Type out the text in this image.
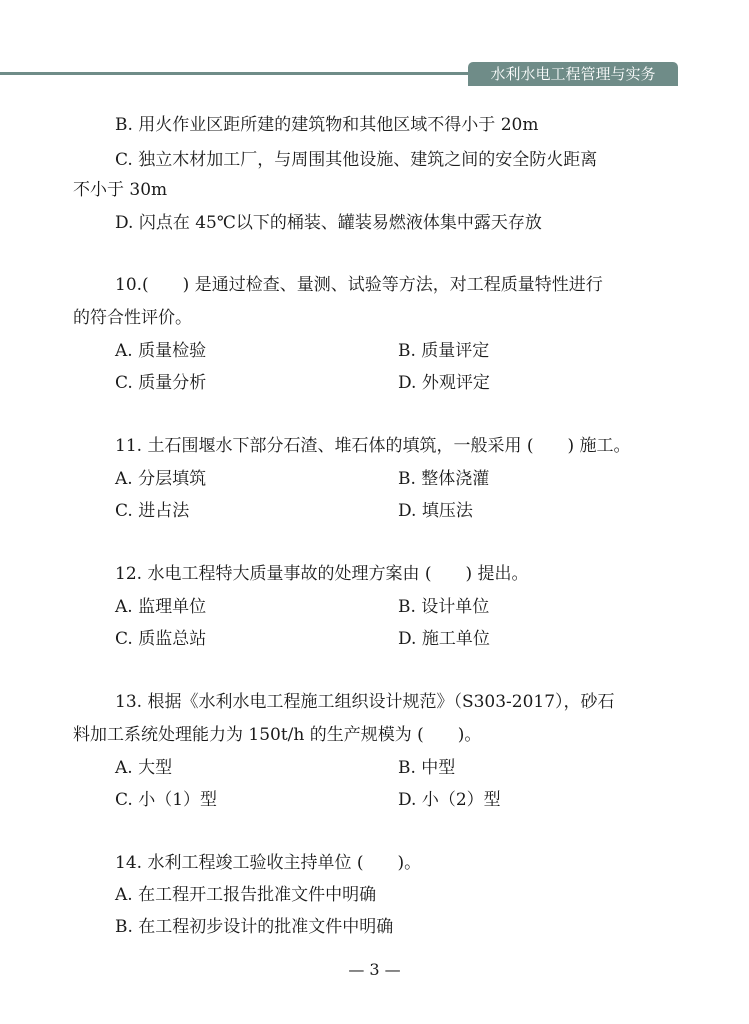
水利水电工程管理与实务
B. 用火作业区距所建的建筑物和其他区域不得小于 20m
C. 独立木材加工厂，与周围其他设施、建筑之间的安全防火距离
不小于 30m
D. 闪点在 45℃以下的桶装、罐装易燃液体集中露天存放
10.(　　) 是通过检查、量测、试验等方法，对工程质量特性进行
的符合性评价。
A. 质量检验	B. 质量评定
C. 质量分析	D. 外观评定
11. 土石围堰水下部分石渣、堆石体的填筑，一般采用 (　　) 施工。
A. 分层填筑	B. 整体浇灌
C. 进占法	D. 填压法
12. 水电工程特大质量事故的处理方案由 (　　) 提出。
A. 监理单位	B. 设计单位
C. 质监总站	D. 施工单位
13. 根据《水利水电工程施工组织设计规范》（S303-2017），砂石
料加工系统处理能力为 150t/h 的生产规模为 (　　)。
A. 大型	B. 中型
C. 小（1）型	D. 小（2）型
14. 水利工程竣工验收主持单位 (　　)。
A. 在工程开工报告批准文件中明确
B. 在工程初步设计的批准文件中明确
— 3 —
